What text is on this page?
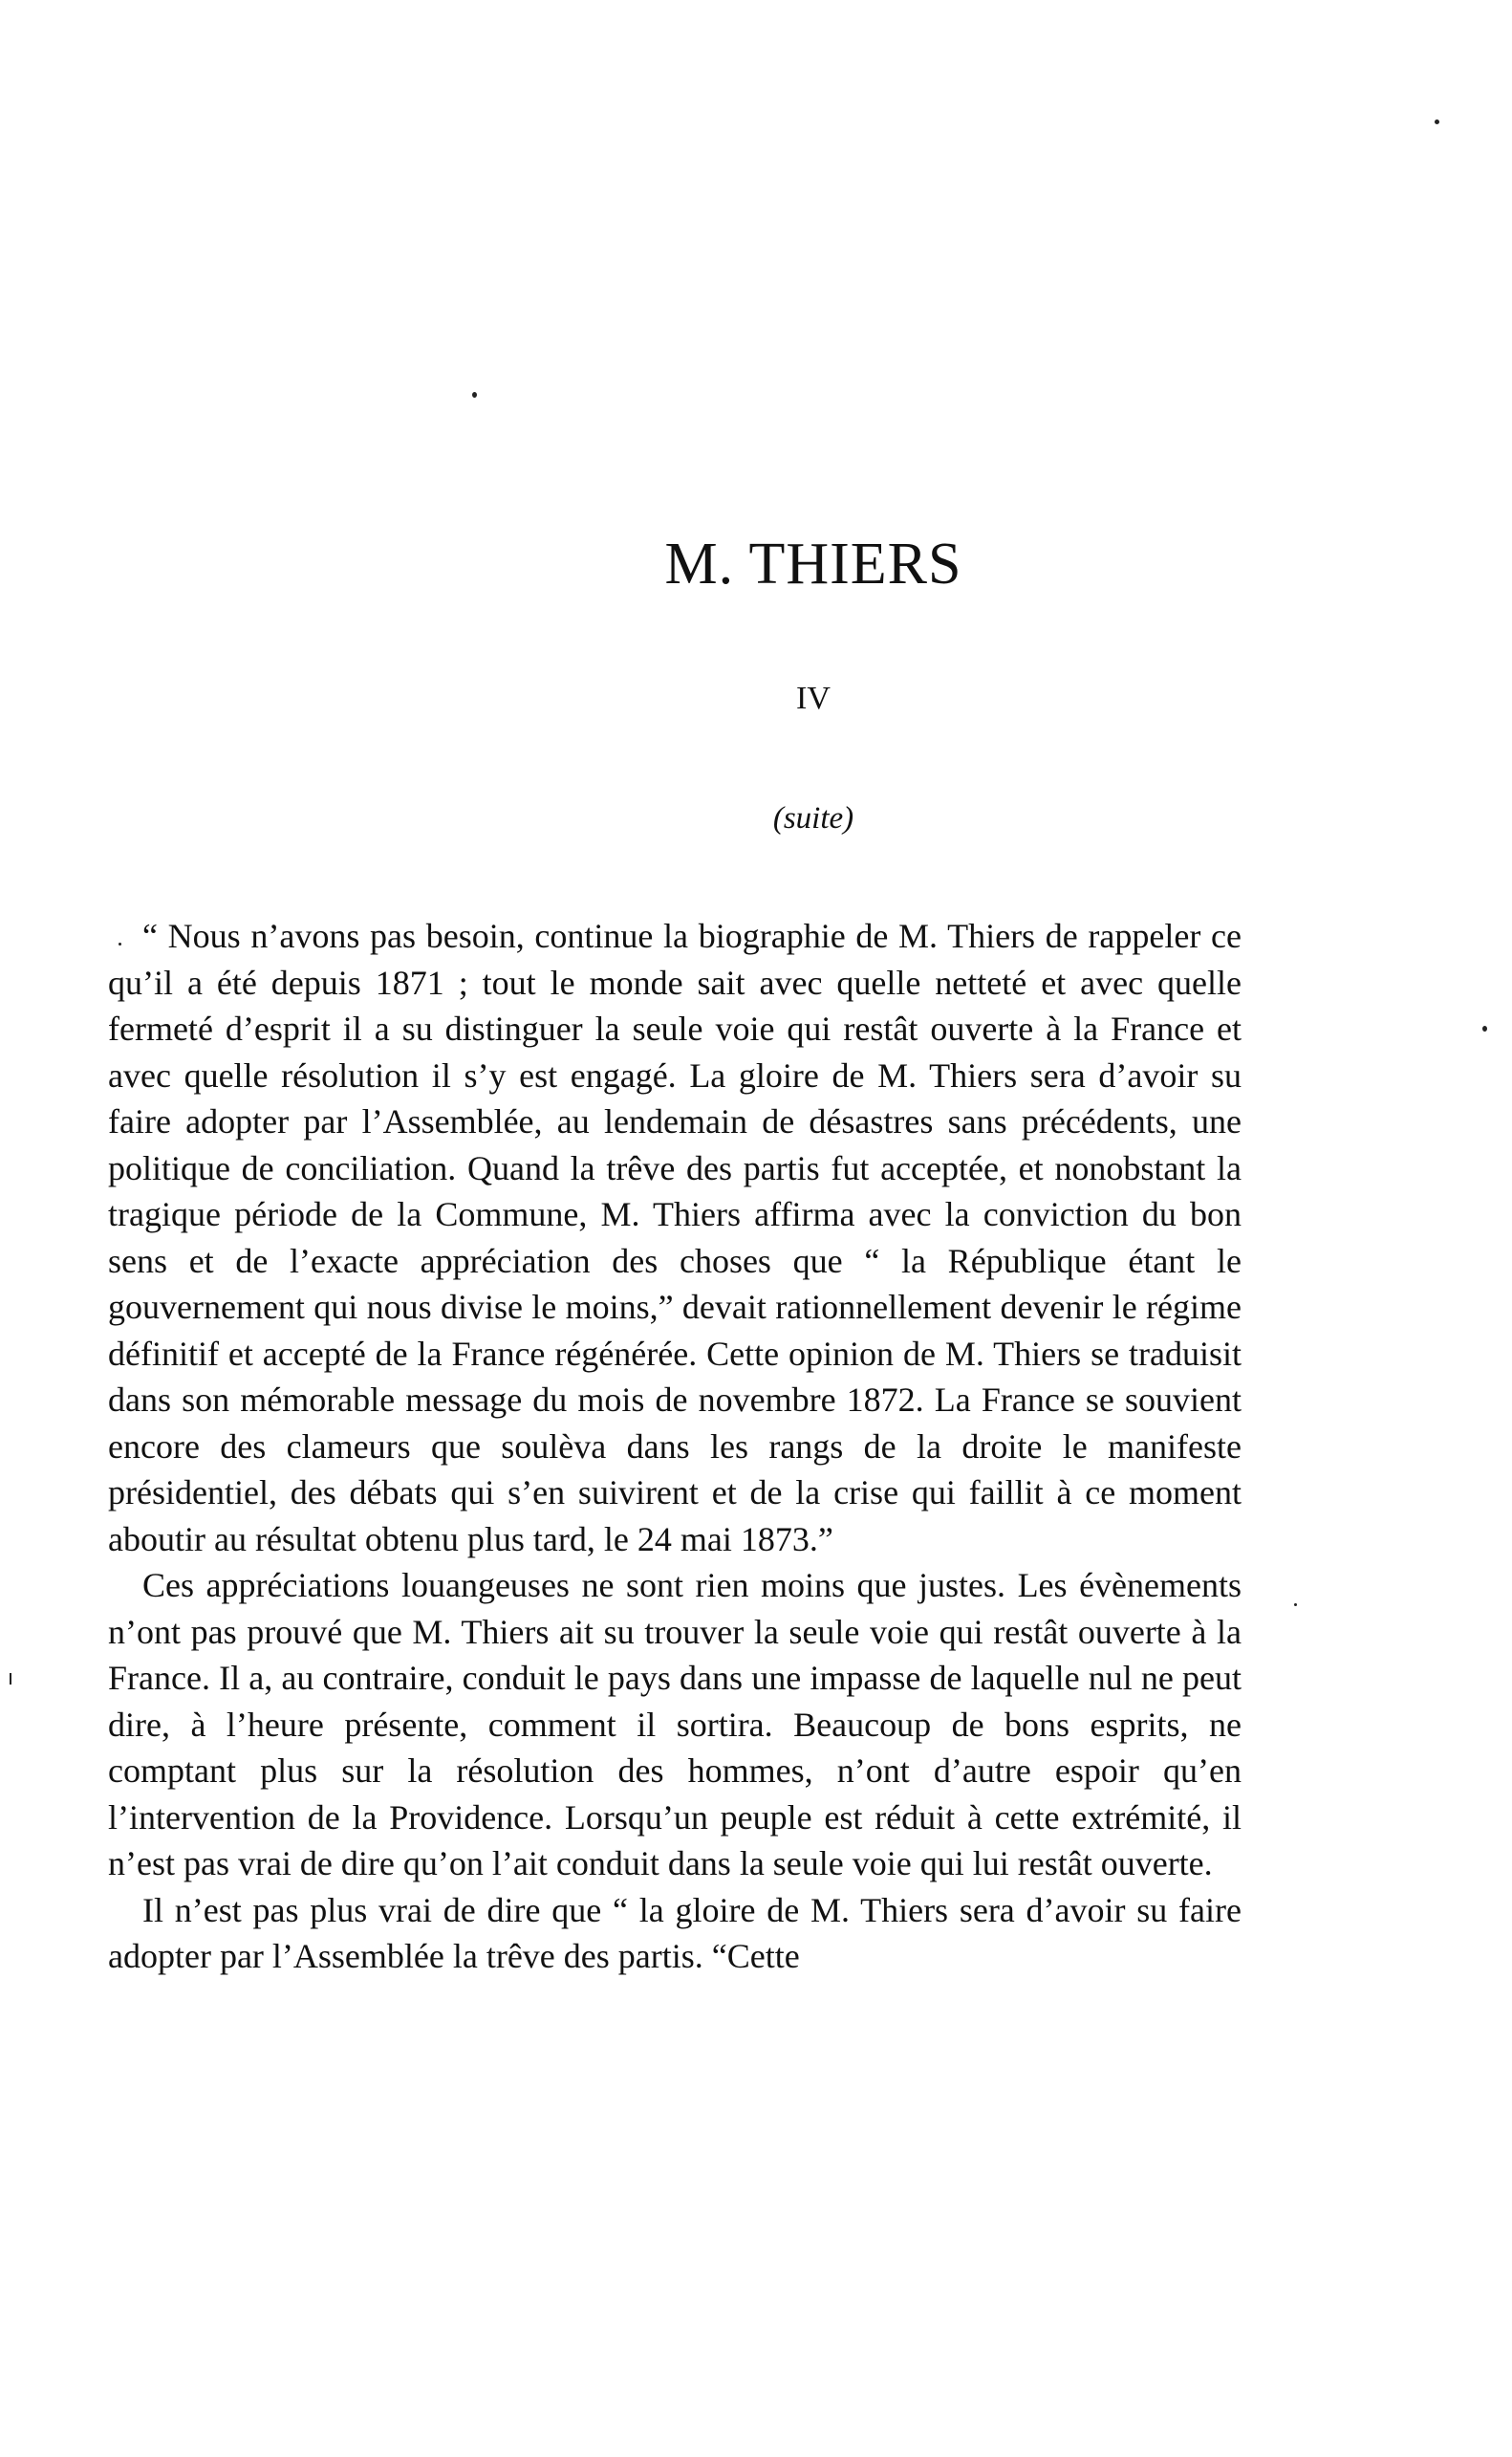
M. THIERS
IV
(suite)

“ Nous n’avons pas besoin, continue la biographie de M. Thiers de rappeler ce qu’il a été depuis 1871 ; tout le monde sait avec quelle netteté et avec quelle fermeté d’esprit il a su distinguer la seule voie qui restât ouverte à la France et avec quelle résolution il s’y est engagé. La gloire de M. Thiers sera d’avoir su faire adopter par l’Assemblée, au lendemain de désastres sans précédents, une politique de conciliation. Quand la trêve des partis fut acceptée, et nonobstant la tragique période de la Commune, M. Thiers affirma avec la conviction du bon sens et de l’exacte appréciation des choses que “ la République étant le gouvernement qui nous divise le moins,” devait rationnellement devenir le régime définitif et accepté de la France régénérée. Cette opinion de M. Thiers se traduisit dans son mémorable message du mois de novembre 1872. La France se souvient encore des clameurs que soulèva dans les rangs de la droite le manifeste présidentiel, des débats qui s’en suivirent et de la crise qui faillit à ce moment aboutir au résultat obtenu plus tard, le 24 mai 1873.”

Ces appréciations louangeuses ne sont rien moins que justes. Les évènements n’ont pas prouvé que M. Thiers ait su trouver la seule voie qui restât ouverte à la France. Il a, au contraire, conduit le pays dans une impasse de laquelle nul ne peut dire, à l’heure présente, comment il sortira. Beaucoup de bons esprits, ne comptant plus sur la résolution des hommes, n’ont d’autre espoir qu’en l’intervention de la Providence. Lorsqu’un peuple est réduit à cette extrémité, il n’est pas vrai de dire qu’on l’ait conduit dans la seule voie qui lui restât ouverte.

Il n’est pas plus vrai de dire que “ la gloire de M. Thiers sera d’avoir su faire adopter par l’Assemblée la trêve des partis. “Cette
